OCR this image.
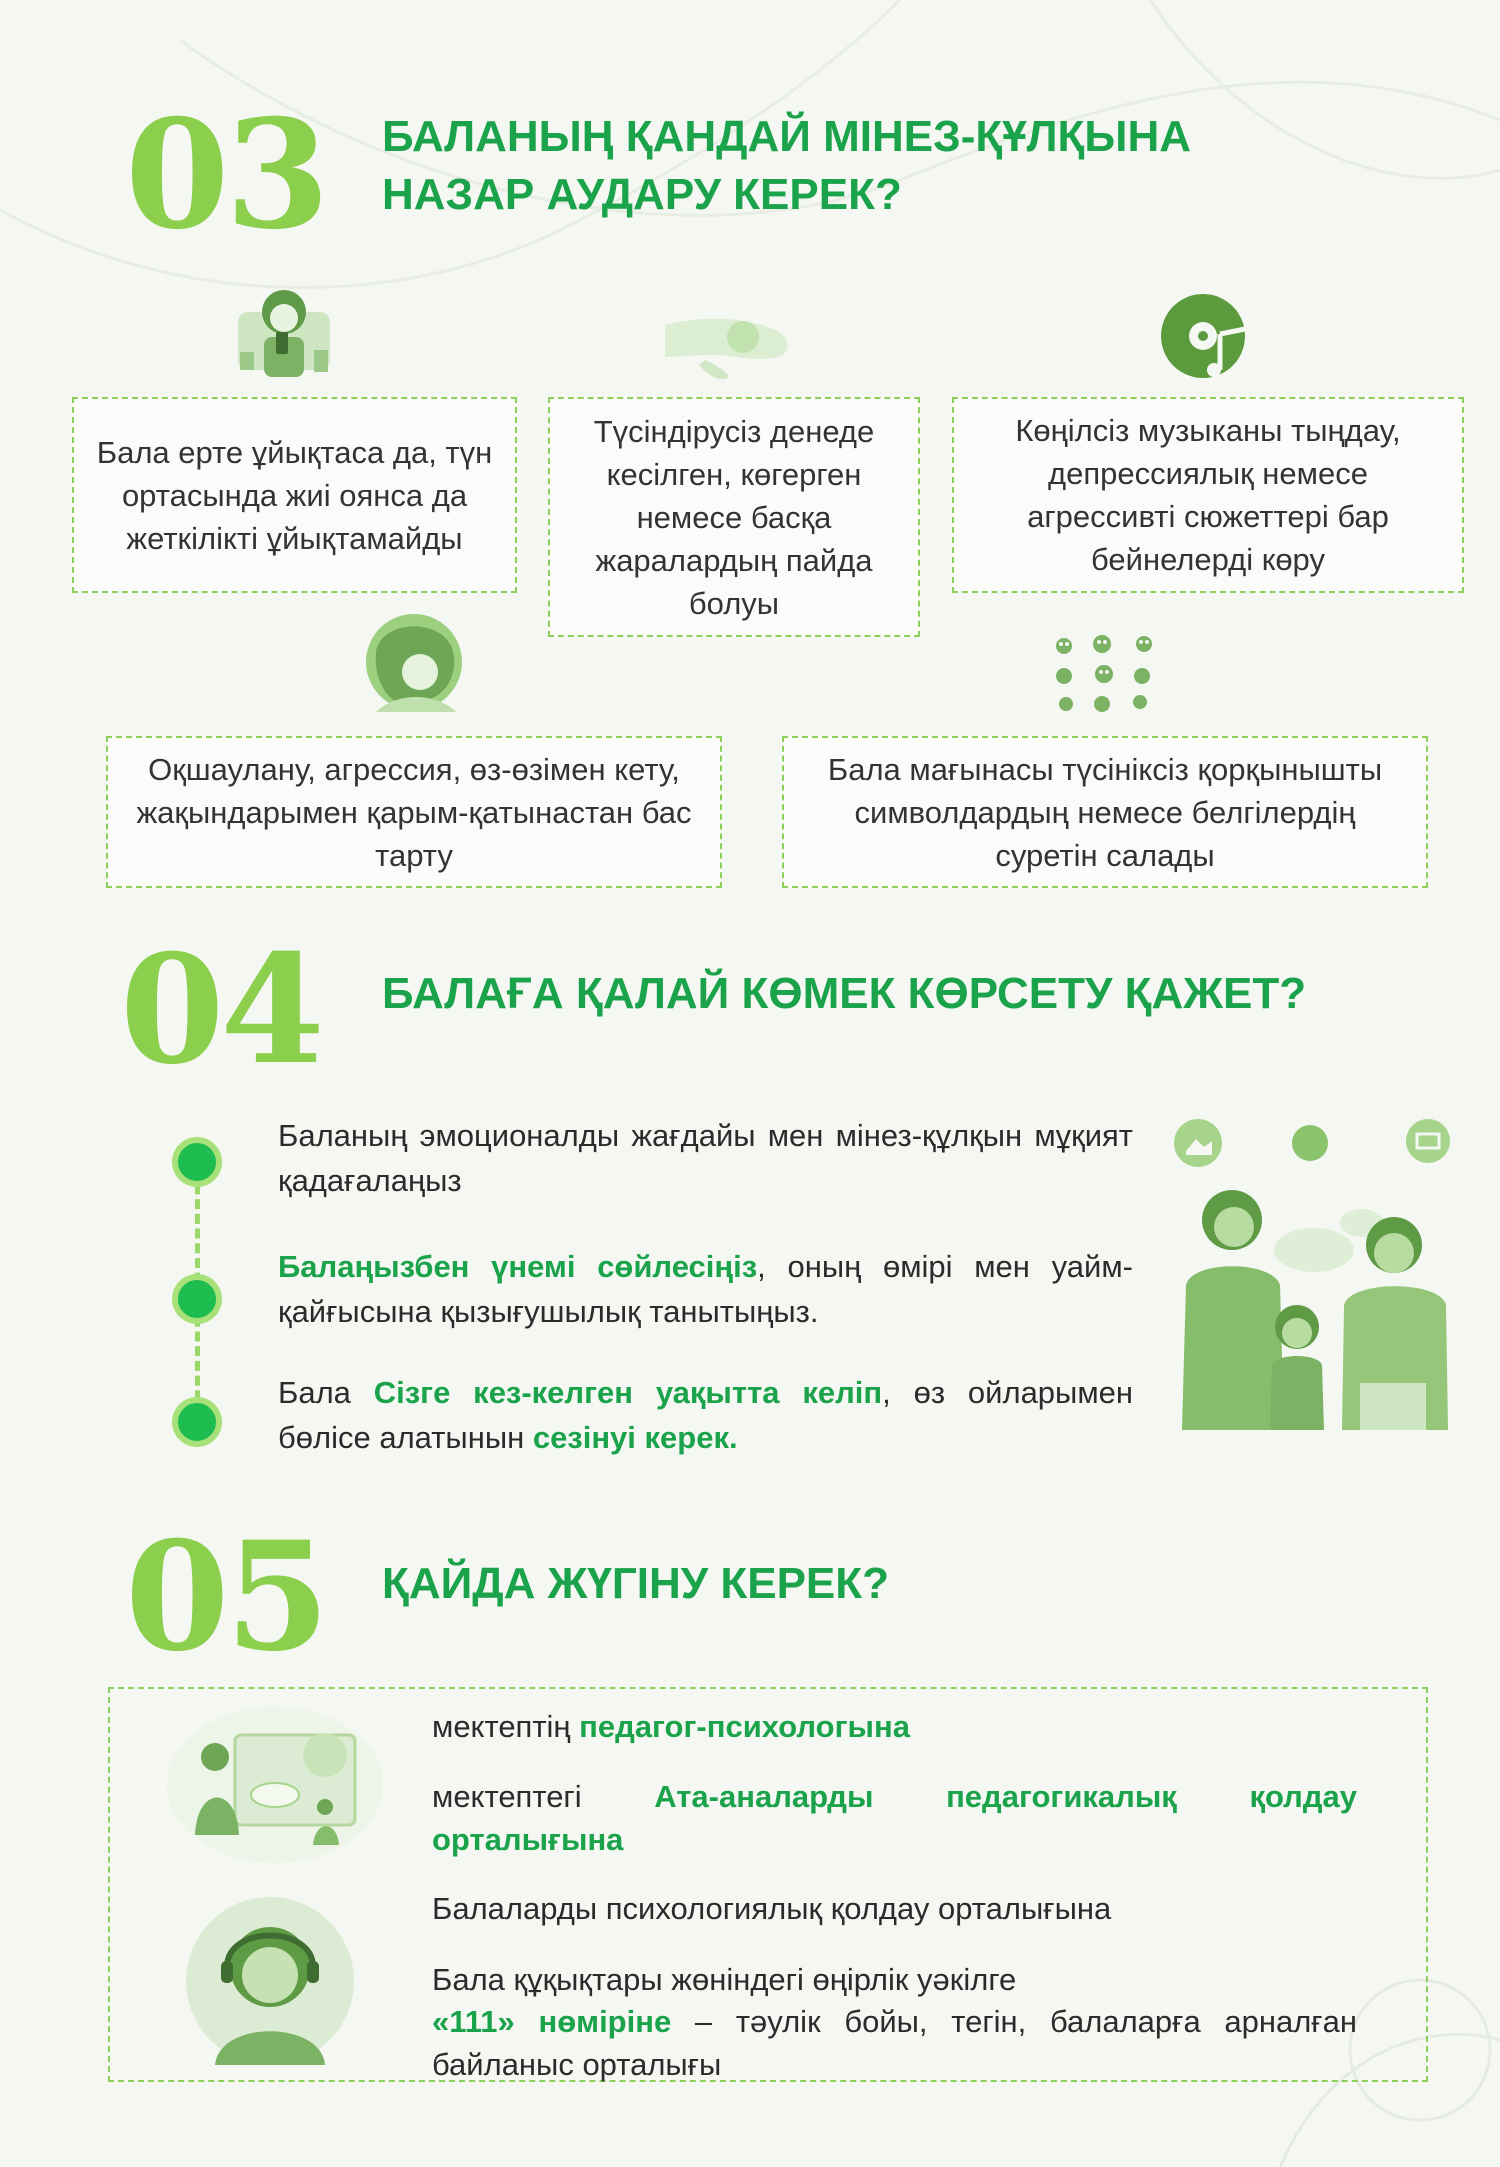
03 БАЛАНЫҢ ҚАНДАЙ МІНЕЗ-ҚҰЛҚЫНА
НАЗАР АУДАРУ КЕРЕК?
Бала ерте ұйықтаса да, түн ортасында жиі оянса да жеткілікті ұйықтамайды
Түсіндірусіз денеде кесілген, көгерген немесе басқа жаралардың пайда болуы
Көңілсіз музыканы тыңдау, депрессиялық немесе агрессивті сюжеттері бар бейнелерді көру
Оқшаулану, агрессия, өз-өзімен кету, жақындарымен қарым-қатынастан бас тарту
Бала мағынасы түсініксіз қорқынышты символдардың немесе белгілердің суретін салады
04 БАЛАҒА ҚАЛАЙ КӨМЕК КӨРСЕТУ ҚАЖЕТ?
Баланың эмоционалды жағдайы мен мінез-құлқын мұқият қадағалаңыз
Балаңызбен үнемі сөйлесіңіз, оның өмірі мен уайм-қайғысына қызығушылық танытыңыз.
Бала Сізге кез-келген уақытта келіп, өз ойларымен бөлісе алатынын сезінуі керек.
05 ҚАЙДА ЖҮГІНУ КЕРЕК?
мектептің педагог-психологына
мектептегі Ата-аналарды педагогикалық қолдау орталығына
Балаларды психологиялық қолдау орталығына
Бала құқықтары жөніндегі өңірлік уәкілге
«111» нөміріне – тәулік бойы, тегін, балаларға арналған байланыс орталығы
